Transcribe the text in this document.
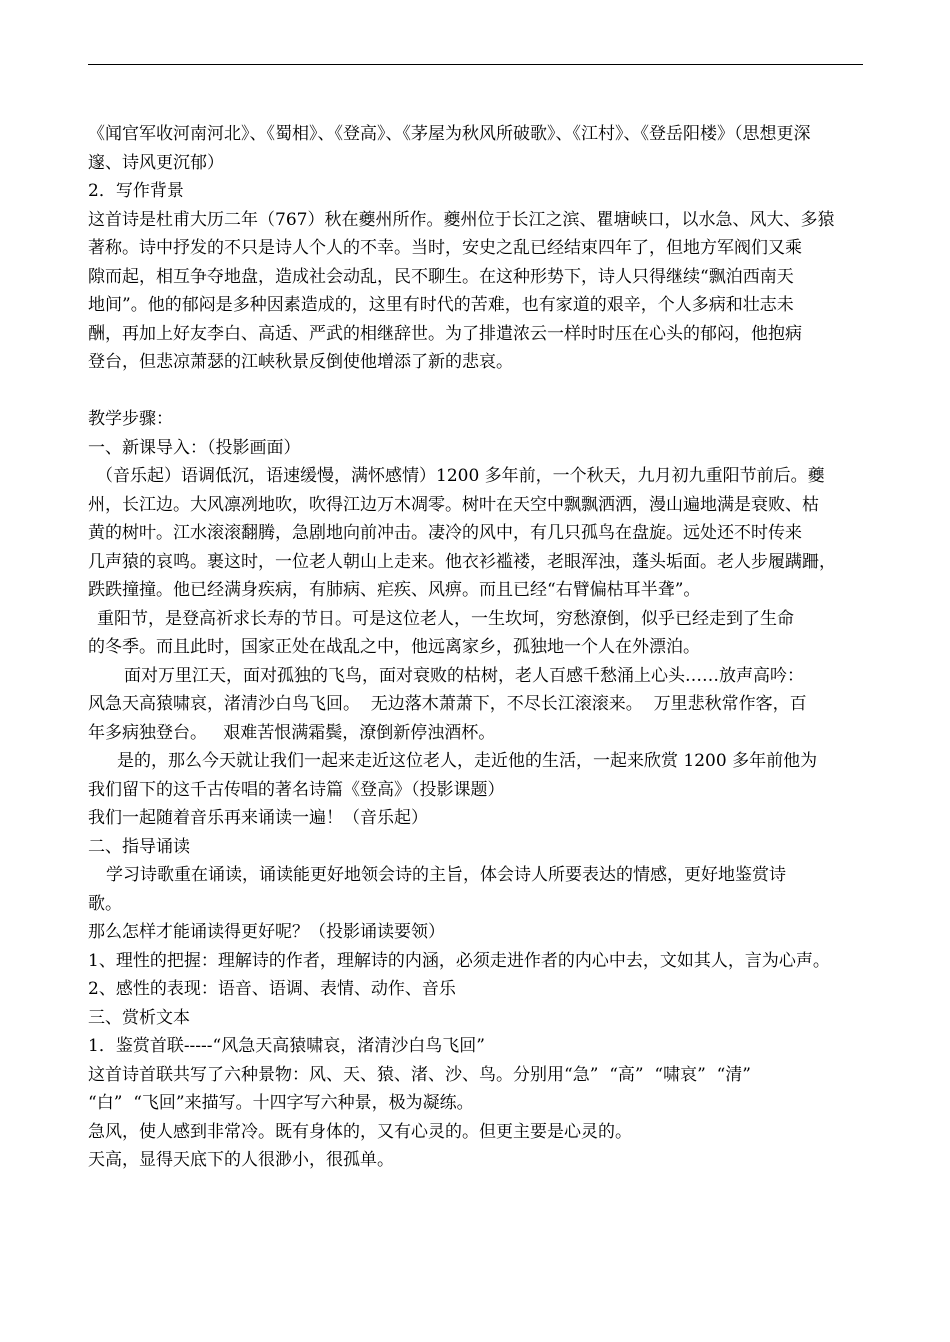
《闻官军收河南河北》、《蜀相》、《登高》、《茅屋为秋风所破歌》、《江村》、《登岳阳楼》（思想更深

邃、诗风更沉郁）

2．写作背景

这首诗是杜甫大历二年（767）秋在夔州所作。夔州位于长江之滨、瞿塘峡口，以水急、风大、多猿

著称。诗中抒发的不只是诗人个人的不幸。当时，安史之乱已经结束四年了，但地方军阀们又乘

隙而起，相互争夺地盘，造成社会动乱，民不聊生。在这种形势下，诗人只得继续“飘泊西南天

地间”。他的郁闷是多种因素造成的，这里有时代的苦难，也有家道的艰辛，个人多病和壮志未

酬，再加上好友李白、高适、严武的相继辞世。为了排遣浓云一样时时压在心头的郁闷，他抱病

登台，但悲凉萧瑟的江峡秋景反倒使他增添了新的悲哀。

教学步骤：

一、新课导入：（投影画面）

（音乐起）语调低沉，语速缓慢，满怀感情）1200 多年前，一个秋天，九月初九重阳节前后。夔

州，长江边。大风凛冽地吹，吹得江边万木凋零。树叶在天空中飘飘洒洒，漫山遍地满是衰败、枯

黄的树叶。江水滚滚翻腾，急剧地向前冲击。凄冷的风中，有几只孤鸟在盘旋。远处还不时传来

几声猿的哀鸣。裹这时，一位老人朝山上走来。他衣衫褴褛，老眼浑浊，蓬头垢面。老人步履蹒跚，

跌跌撞撞。他已经满身疾病，有肺病、疟疾、风痹。而且已经“右臂偏枯耳半聋”。

重阳节，是登高祈求长寿的节日。可是这位老人，一生坎坷，穷愁潦倒，似乎已经走到了生命

的冬季。而且此时，国家正处在战乱之中，他远离家乡，孤独地一个人在外漂泊。

面对万里江天，面对孤独的飞鸟，面对衰败的枯树，老人百感千愁涌上心头……放声高吟：

风急天高猿啸哀，渚清沙白鸟飞回。  无边落木萧萧下，不尽长江滚滚来。  万里悲秋常作客，百

年多病独登台。   艰难苦恨满霜鬓，潦倒新停浊酒杯。

是的，那么今天就让我们一起来走近这位老人，走近他的生活，一起来欣赏 1200 多年前他为

我们留下的这千古传唱的著名诗篇《登高》（投影课题）

我们一起随着音乐再来诵读一遍！（音乐起）

二、指导诵读

学习诗歌重在诵读，诵读能更好地领会诗的主旨，体会诗人所要表达的情感，更好地鉴赏诗

歌。

那么怎样才能诵读得更好呢？（投影诵读要领）

1、理性的把握：理解诗的作者，理解诗的内涵，必须走进作者的内心中去，文如其人，言为心声。

2、感性的表现：语音、语调、表情、动作、音乐

三、赏析文本

1．鉴赏首联-----“风急天高猿啸哀，渚清沙白鸟飞回”

这首诗首联共写了六种景物：风、天、猿、渚、沙、鸟。分别用“急”  “高”  “啸哀”  “清”

“白”  “飞回”来描写。十四字写六种景，极为凝练。

急风，使人感到非常冷。既有身体的，又有心灵的。但更主要是心灵的。

天高，显得天底下的人很渺小，很孤单。
